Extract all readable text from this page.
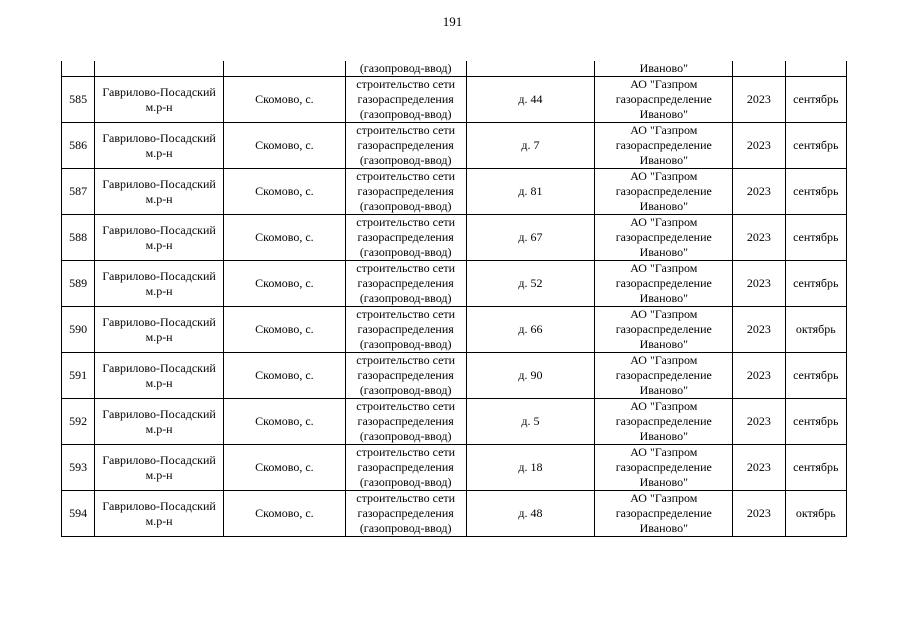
191
			(газопровод-ввод)		Иваново"		
585	Гаврилово-Посадский м.р-н	Скомово, с.	строительство сети газораспределения (газопровод-ввод)	д. 44	АО "Газпром газораспределение Иваново"	2023	сентябрь
586	Гаврилово-Посадский м.р-н	Скомово, с.	строительство сети газораспределения (газопровод-ввод)	д. 7	АО "Газпром газораспределение Иваново"	2023	сентябрь
587	Гаврилово-Посадский м.р-н	Скомово, с.	строительство сети газораспределения (газопровод-ввод)	д. 81	АО "Газпром газораспределение Иваново"	2023	сентябрь
588	Гаврилово-Посадский м.р-н	Скомово, с.	строительство сети газораспределения (газопровод-ввод)	д. 67	АО "Газпром газораспределение Иваново"	2023	сентябрь
589	Гаврилово-Посадский м.р-н	Скомово, с.	строительство сети газораспределения (газопровод-ввод)	д. 52	АО "Газпром газораспределение Иваново"	2023	сентябрь
590	Гаврилово-Посадский м.р-н	Скомово, с.	строительство сети газораспределения (газопровод-ввод)	д. 66	АО "Газпром газораспределение Иваново"	2023	октябрь
591	Гаврилово-Посадский м.р-н	Скомово, с.	строительство сети газораспределения (газопровод-ввод)	д. 90	АО "Газпром газораспределение Иваново"	2023	сентябрь
592	Гаврилово-Посадский м.р-н	Скомово, с.	строительство сети газораспределения (газопровод-ввод)	д. 5	АО "Газпром газораспределение Иваново"	2023	сентябрь
593	Гаврилово-Посадский м.р-н	Скомово, с.	строительство сети газораспределения (газопровод-ввод)	д. 18	АО "Газпром газораспределение Иваново"	2023	сентябрь
594	Гаврилово-Посадский м.р-н	Скомово, с.	строительство сети газораспределения (газопровод-ввод)	д. 48	АО "Газпром газораспределение Иваново"	2023	октябрь
